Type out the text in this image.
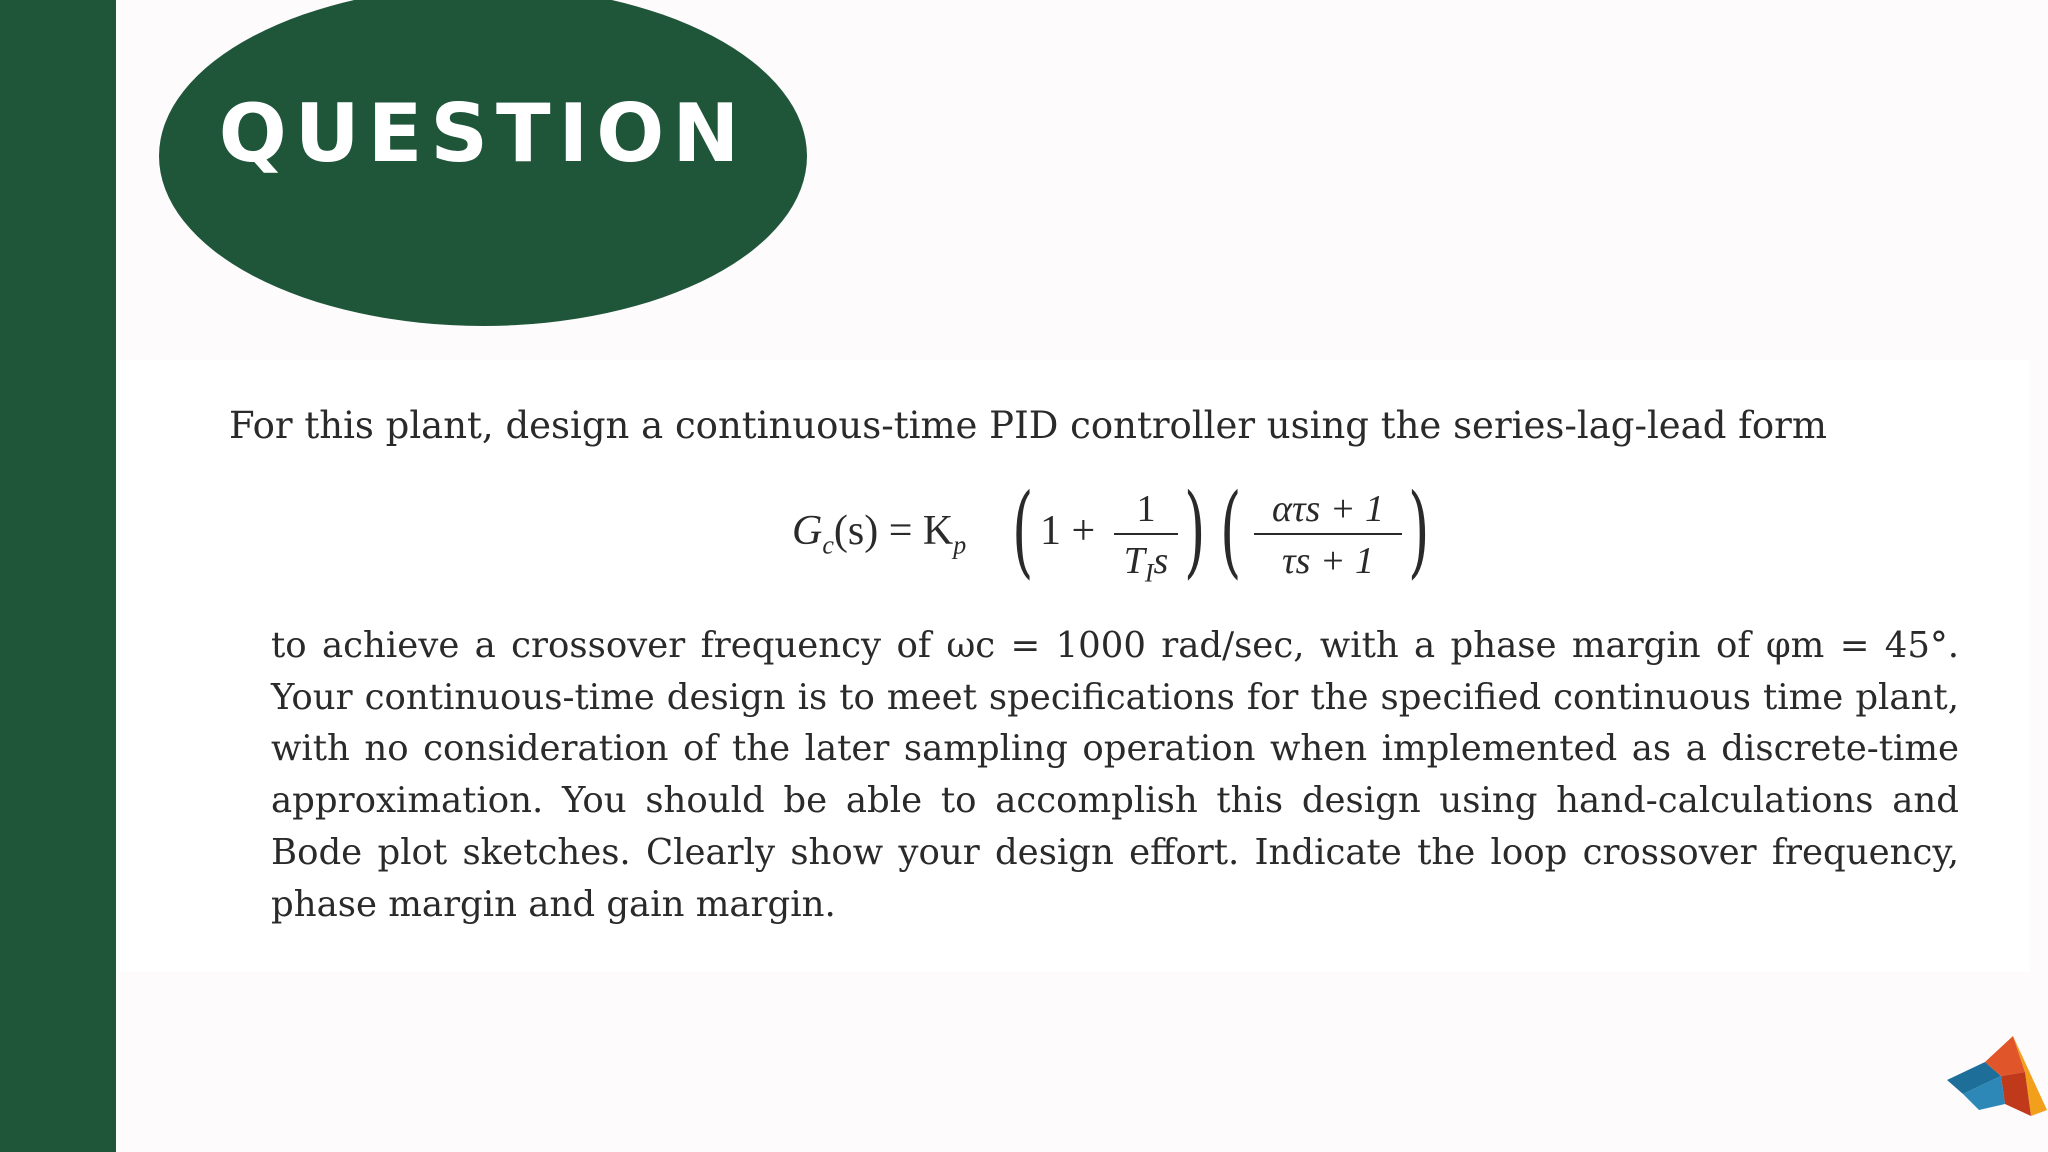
QUESTION
For this plant, design a continuous-time PID controller using the series-lag-lead form
$G_c(s) = K_p$ ( 1 +	1
$T_Is$ ) ( ατs + 1
τs + 1 )
to achieve a crossover frequency of ωc = 1000 rad/sec, with a phase margin of φm = 45°. Your continuous-time design is to meet specifications for the specified continuous time plant, with no consideration of the later sampling operation when implemented as a discrete-time approximation. You should be able to accomplish this design using hand-calculations and Bode plot sketches. Clearly show your design effort. Indicate the loop crossover frequency, phase margin and gain margin.
